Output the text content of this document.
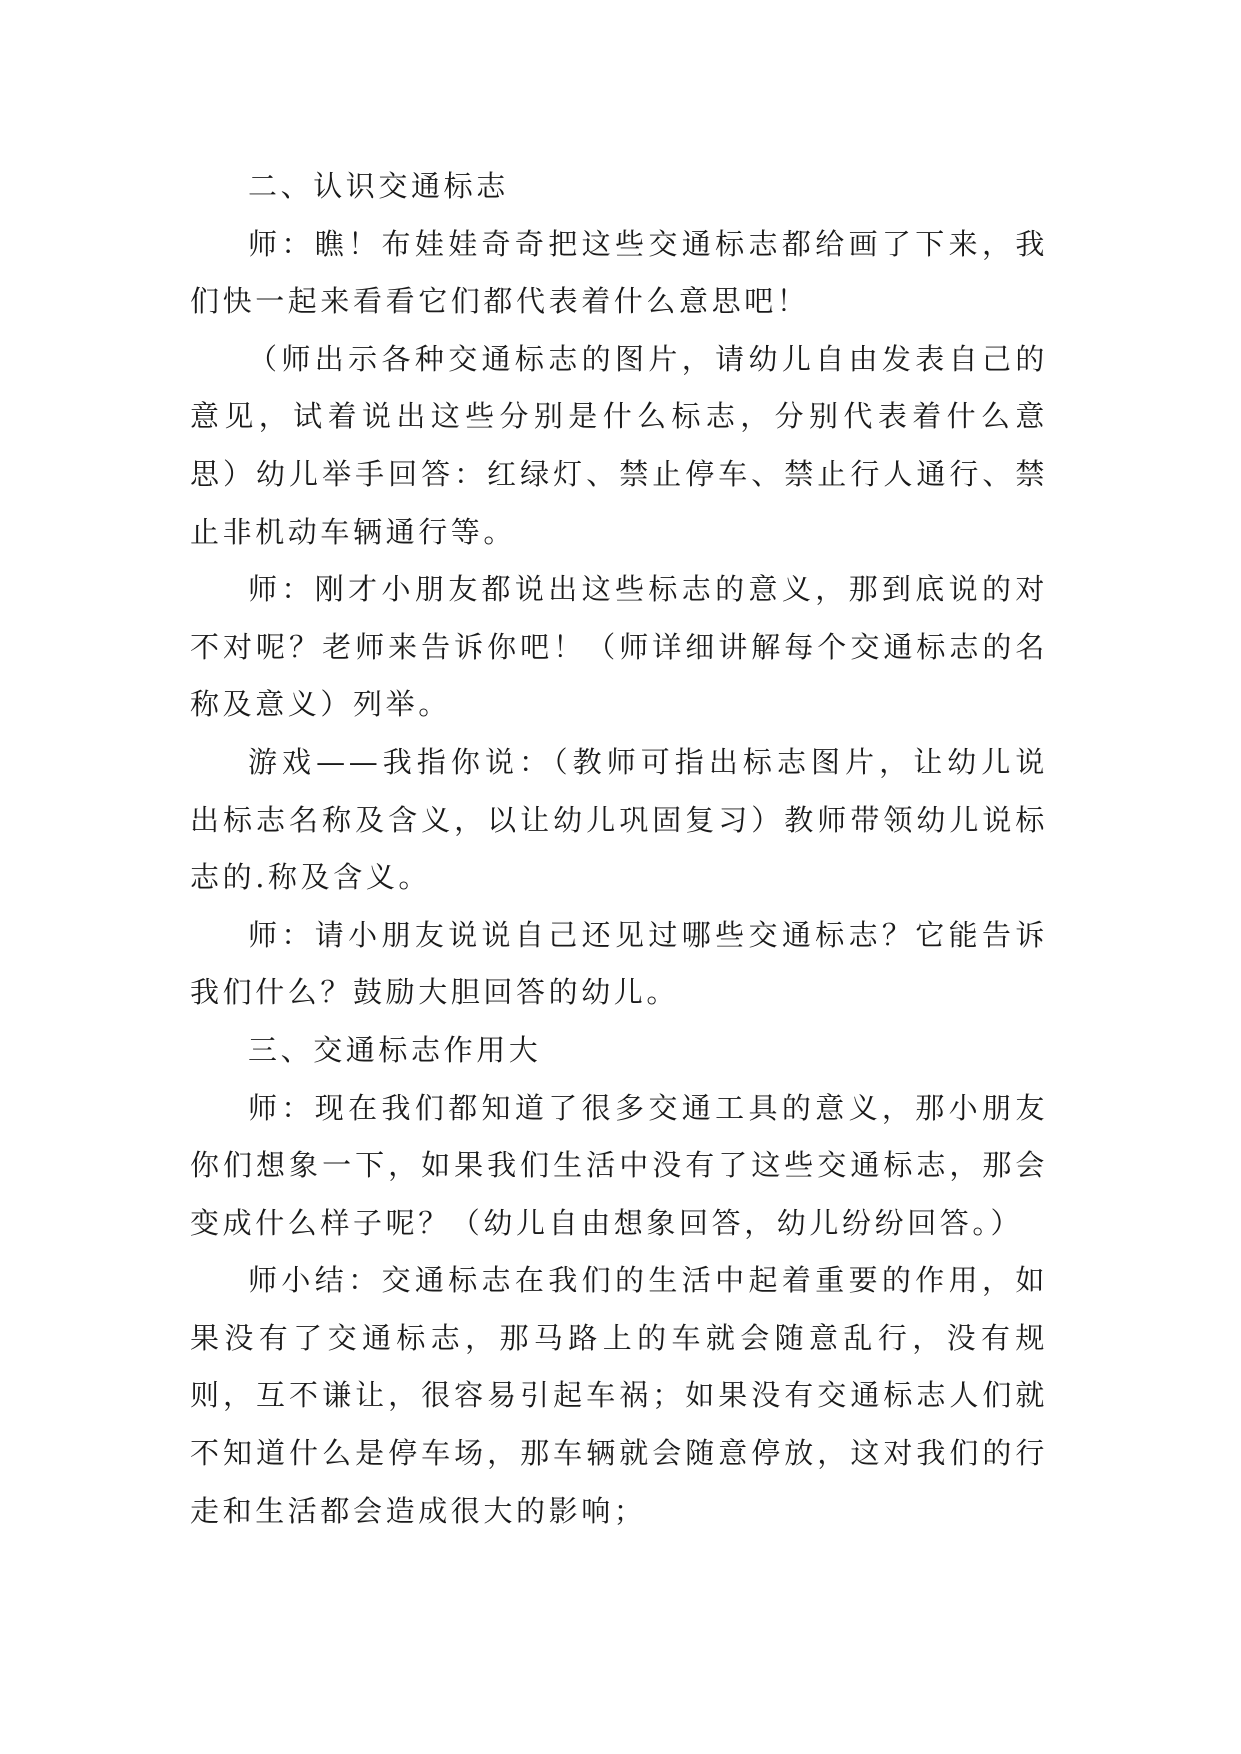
二、认识交通标志

师：瞧！布娃娃奇奇把这些交通标志都给画了下来，我们快一起来看看它们都代表着什么意思吧！

（师出示各种交通标志的图片，请幼儿自由发表自己的意见，试着说出这些分别是什么标志，分别代表着什么意思）幼儿举手回答：红绿灯、禁止停车、禁止行人通行、禁止非机动车辆通行等。

师：刚才小朋友都说出这些标志的意义，那到底说的对不对呢？老师来告诉你吧！（师详细讲解每个交通标志的名称及意义）列举。

游戏——我指你说：（教师可指出标志图片，让幼儿说出标志名称及含义，以让幼儿巩固复习）教师带领幼儿说标志的.称及含义。

师：请小朋友说说自己还见过哪些交通标志？它能告诉我们什么？鼓励大胆回答的幼儿。

三、交通标志作用大

师：现在我们都知道了很多交通工具的意义，那小朋友你们想象一下，如果我们生活中没有了这些交通标志，那会变成什么样子呢？（幼儿自由想象回答，幼儿纷纷回答。）

师小结：交通标志在我们的生活中起着重要的作用，如果没有了交通标志，那马路上的车就会随意乱行，没有规则，互不谦让，很容易引起车祸；如果没有交通标志人们就不知道什么是停车场，那车辆就会随意停放，这对我们的行走和生活都会造成很大的影响；
